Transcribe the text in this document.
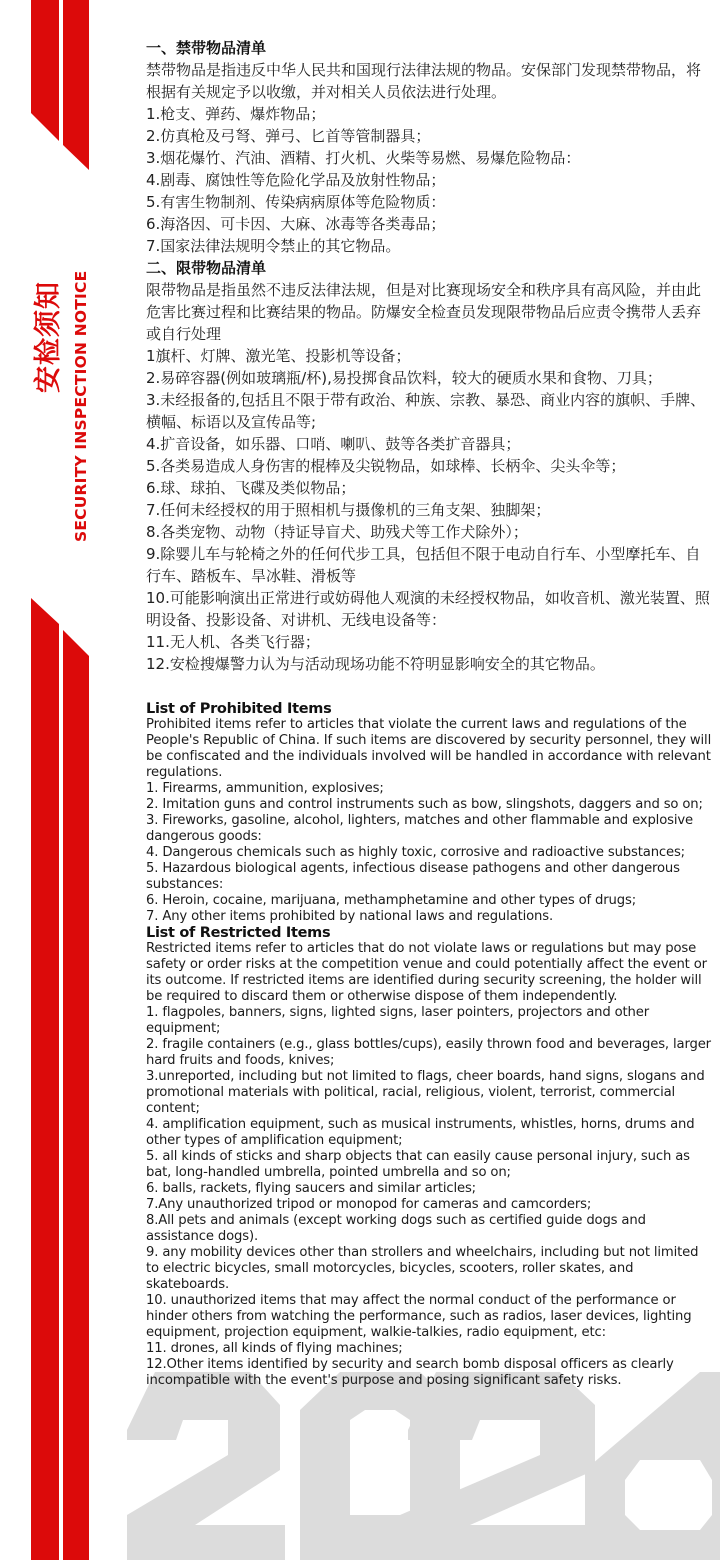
安检须知 SECURITY INSPECTION NOTICE

一、禁带物品清单

禁带物品是指违反中华人民共和国现行法律法规的物品。安保部门发现禁带物品，将根据有关规定予以收缴，并对相关人员依法进行处理。

1.枪支、弹药、爆炸物品；

2.仿真枪及弓弩、弹弓、匕首等管制器具；

3.烟花爆竹、汽油、酒精、打火机、火柴等易燃、易爆危险物品：

4.剧毒、腐蚀性等危险化学品及放射性物品；

5.有害生物制剂、传染病病原体等危险物质：

6.海洛因、可卡因、大麻、冰毒等各类毒品；

7.国家法律法规明令禁止的其它物品。

二、限带物品清单

限带物品是指虽然不违反法律法规，但是对比赛现场安全和秩序具有高风险，并由此危害比赛过程和比赛结果的物品。防爆安全检查员发现限带物品后应责令携带人丢弃或自行处理

1旗杆、灯牌、激光笔、投影机等设备；

2.易碎容器(例如玻璃瓶/杯),易投掷食品饮料，较大的硬质水果和食物、刀具；

3.未经报备的,包括且不限于带有政治、种族、宗教、暴恐、商业内容的旗帜、手牌、横幅、标语以及宣传品等;

4.扩音设备，如乐器、口哨、喇叭、鼓等各类扩音器具；

5.各类易造成人身伤害的棍棒及尖锐物品，如球棒、长柄伞、尖头伞等；

6.球、球拍、飞碟及类似物品；

7.任何未经授权的用于照相机与摄像机的三角支架、独脚架；

8.各类宠物、动物（持证导盲犬、助残犬等工作犬除外）；

9.除婴儿车与轮椅之外的任何代步工具，包括但不限于电动自行车、小型摩托车、自行车、踏板车、旱冰鞋、滑板等

10.可能影响演出正常进行或妨碍他人观演的未经授权物品，如收音机、激光装置、照明设备、投影设备、对讲机、无线电设备等：

11.无人机、各类飞行器；

12.安检搜爆警力认为与活动现场功能不符明显影响安全的其它物品。

List of Prohibited Items

Prohibited items refer to articles that violate the current laws and regulations of the People's Republic of China. If such items are discovered by security personnel, they will be confiscated and the individuals involved will be handled in accordance with relevant regulations.

1. Firearms, ammunition, explosives;

2. Imitation guns and control instruments such as bow, slingshots, daggers and so on;

3. Fireworks, gasoline, alcohol, lighters, matches and other flammable and explosive dangerous goods:

4. Dangerous chemicals such as highly toxic, corrosive and radioactive substances;

5. Hazardous biological agents, infectious disease pathogens and other dangerous substances:

6. Heroin, cocaine, marijuana, methamphetamine and other types of drugs;

7. Any other items prohibited by national laws and regulations.

List of Restricted Items

Restricted items refer to articles that do not violate laws or regulations but may pose safety or order risks at the competition venue and could potentially affect the event or its outcome. If restricted items are identified during security screening, the holder will be required to discard them or otherwise dispose of them independently.

1. flagpoles, banners, signs, lighted signs, laser pointers, projectors and other equipment;

2. fragile containers (e.g., glass bottles/cups), easily thrown food and beverages, larger hard fruits and foods, knives;

3.unreported, including but not limited to flags, cheer boards, hand signs, slogans and promotional materials with political, racial, religious, violent, terrorist, commercial content;

4. amplification equipment, such as musical instruments, whistles, horns, drums and other types of amplification equipment;

5. all kinds of sticks and sharp objects that can easily cause personal injury, such as bat, long-handled umbrella, pointed umbrella and so on;

6. balls, rackets, flying saucers and similar articles;

7.Any unauthorized tripod or monopod for cameras and camcorders;

8.All pets and animals (except working dogs such as certified guide dogs and assistance dogs).

9. any mobility devices other than strollers and wheelchairs, including but not limited to electric bicycles, small motorcycles, bicycles, scooters, roller skates, and skateboards.

10. unauthorized items that may affect the normal conduct of the performance or hinder others from watching the performance, such as radios, laser devices, lighting equipment, projection equipment, walkie-talkies, radio equipment, etc:

11. drones, all kinds of flying machines;

12.Other items identified by security and search bomb disposal officers as clearly incompatible with the event's purpose and posing significant safety risks.
